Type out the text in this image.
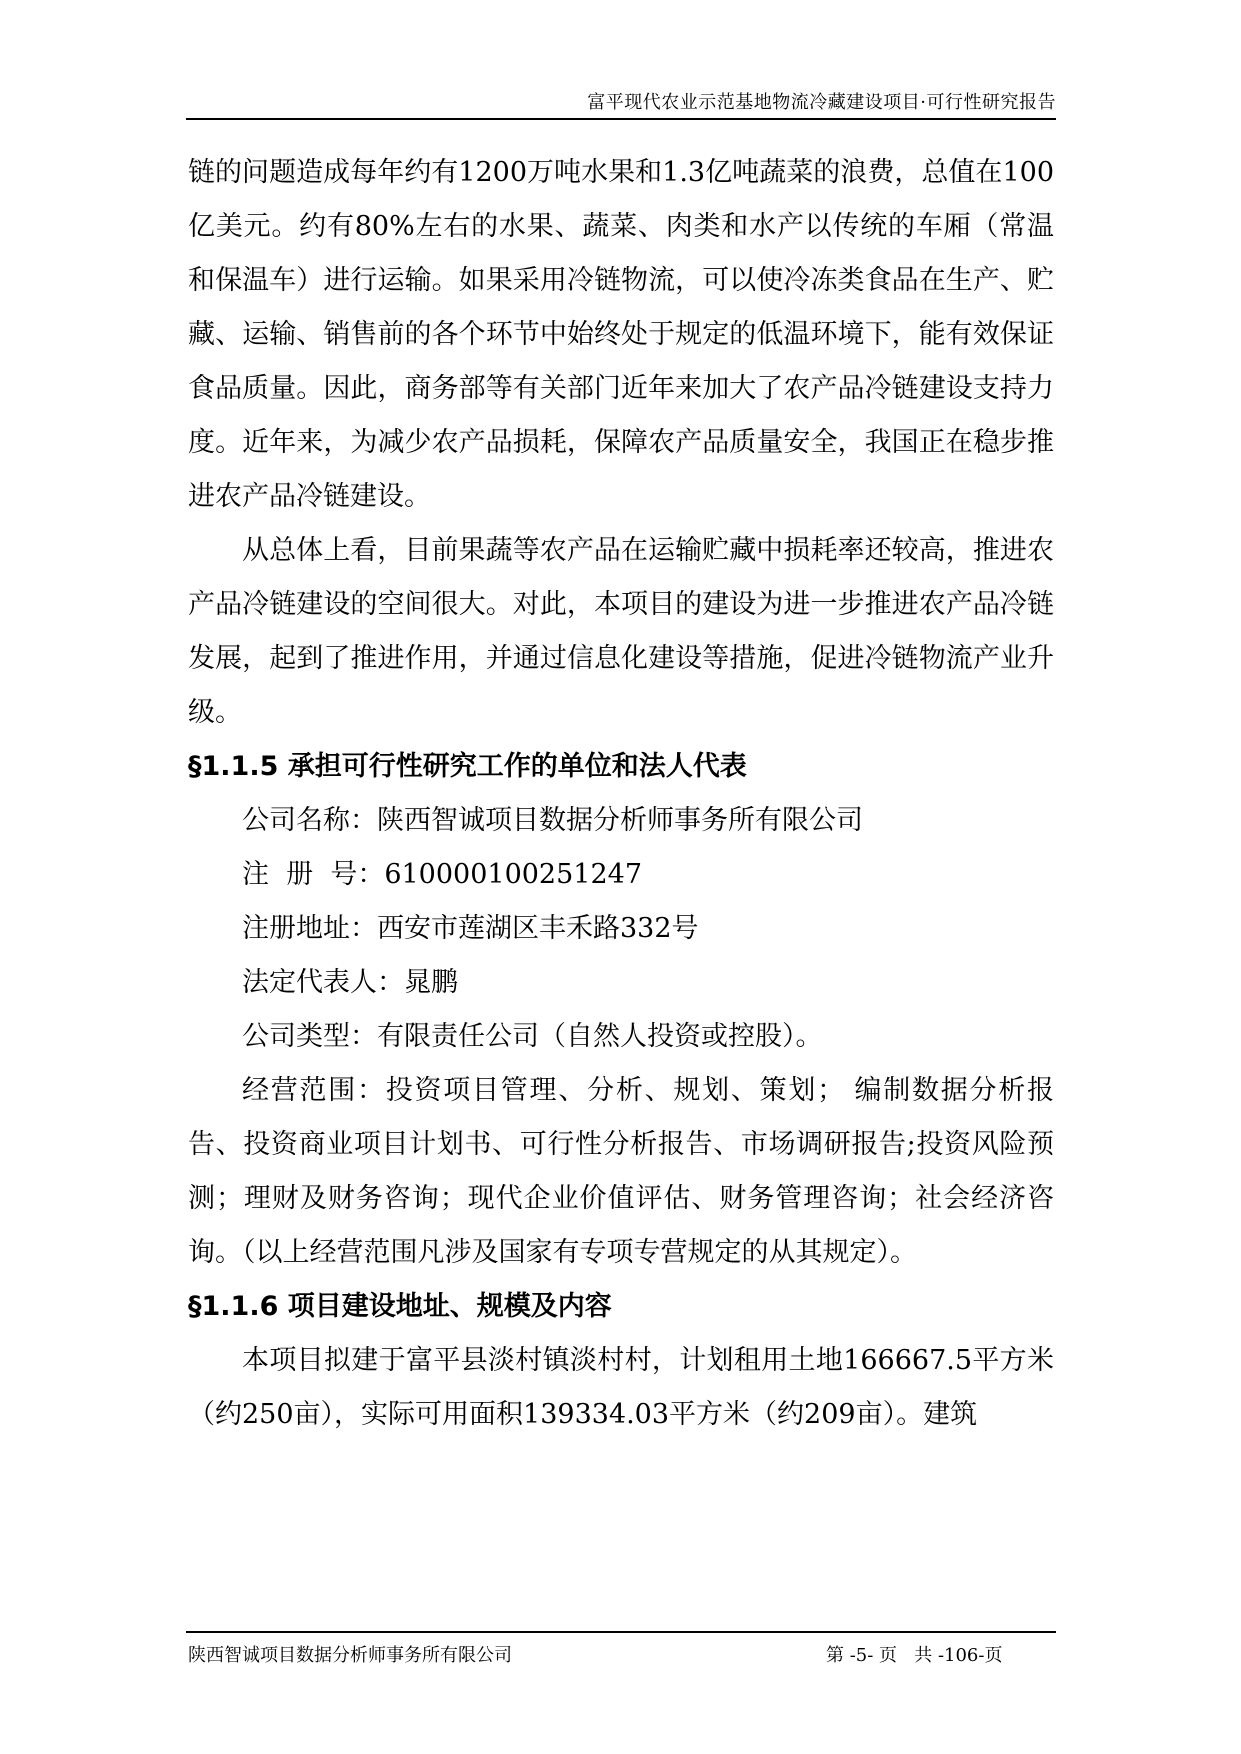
富平现代农业示范基地物流冷藏建设项目·可行性研究报告

链的问题造成每年约有1200万吨水果和1.3亿吨蔬菜的浪费，总值在100亿美元。约有80%左右的水果、蔬菜、肉类和水产以传统的车厢（常温和保温车）进行运输。如果采用冷链物流，可以使冷冻类食品在生产、贮藏、运输、销售前的各个环节中始终处于规定的低温环境下，能有效保证食品质量。因此，商务部等有关部门近年来加大了农产品冷链建设支持力度。近年来，为减少农产品损耗，保障农产品质量安全，我国正在稳步推进农产品冷链建设。

从总体上看，目前果蔬等农产品在运输贮藏中损耗率还较高，推进农产品冷链建设的空间很大。对此，本项目的建设为进一步推进农产品冷链发展，起到了推进作用，并通过信息化建设等措施，促进冷链物流产业升级。

§1.1.5 承担可行性研究工作的单位和法人代表

公司名称：陕西智诚项目数据分析师事务所有限公司

注  册  号：610000100251247

注册地址：西安市莲湖区丰禾路332号

法定代表人：晁鹏

公司类型：有限责任公司（自然人投资或控股）。

经营范围：投资项目管理、分析、规划、策划； 编制数据分析报告、投资商业项目计划书、可行性分析报告、市场调研报告;投资风险预测；理财及财务咨询；现代企业价值评估、财务管理咨询；社会经济咨询。（以上经营范围凡涉及国家有专项专营规定的从其规定）。

§1.1.6 项目建设地址、规模及内容

本项目拟建于富平县淡村镇淡村村，计划租用土地166667.5平方米（约250亩），实际可用面积139334.03平方米（约209亩）。建筑

陕西智诚项目数据分析师事务所有限公司	第 -5- 页   共 -106-页
